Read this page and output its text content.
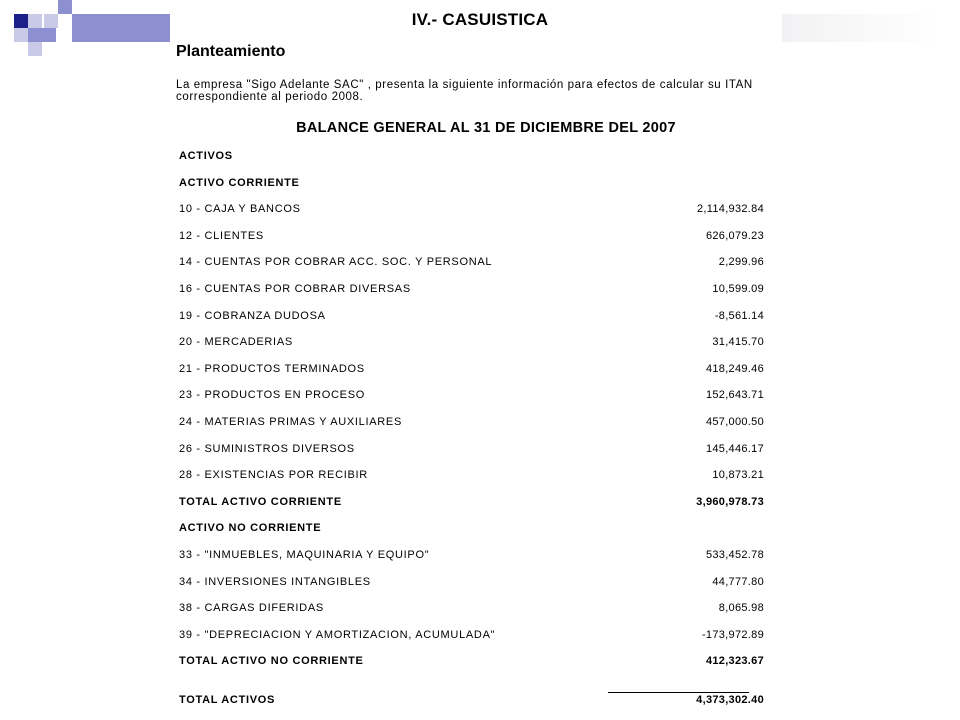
IV.- CASUISTICA
Planteamiento
La empresa "Sigo Adelante SAC" , presenta la siguiente información para efectos de calcular su ITAN correspondiente al periodo 2008.
BALANCE GENERAL AL 31 DE DICIEMBRE DEL 2007
ACTIVOS
ACTIVO CORRIENTE
10 - CAJA Y BANCOS	2,114,932.84
12 - CLIENTES	626,079.23
14 - CUENTAS POR COBRAR ACC. SOC. Y PERSONAL	2,299.96
16 - CUENTAS POR COBRAR DIVERSAS	10,599.09
19 - COBRANZA DUDOSA	-8,561.14
20 - MERCADERIAS	31,415.70
21 - PRODUCTOS TERMINADOS	418,249.46
23 - PRODUCTOS EN PROCESO	152,643.71
24 - MATERIAS PRIMAS Y AUXILIARES	457,000.50
26 - SUMINISTROS DIVERSOS	145,446.17
28 - EXISTENCIAS POR RECIBIR	10,873.21
TOTAL ACTIVO CORRIENTE	3,960,978.73
ACTIVO NO CORRIENTE
33 - "INMUEBLES, MAQUINARIA Y EQUIPO"	533,452.78
34 - INVERSIONES INTANGIBLES	44,777.80
38 - CARGAS DIFERIDAS	8,065.98
39 - "DEPRECIACION Y AMORTIZACION, ACUMULADA"	-173,972.89
TOTAL ACTIVO NO CORRIENTE	412,323.67
TOTAL ACTIVOS	4,373,302.40
